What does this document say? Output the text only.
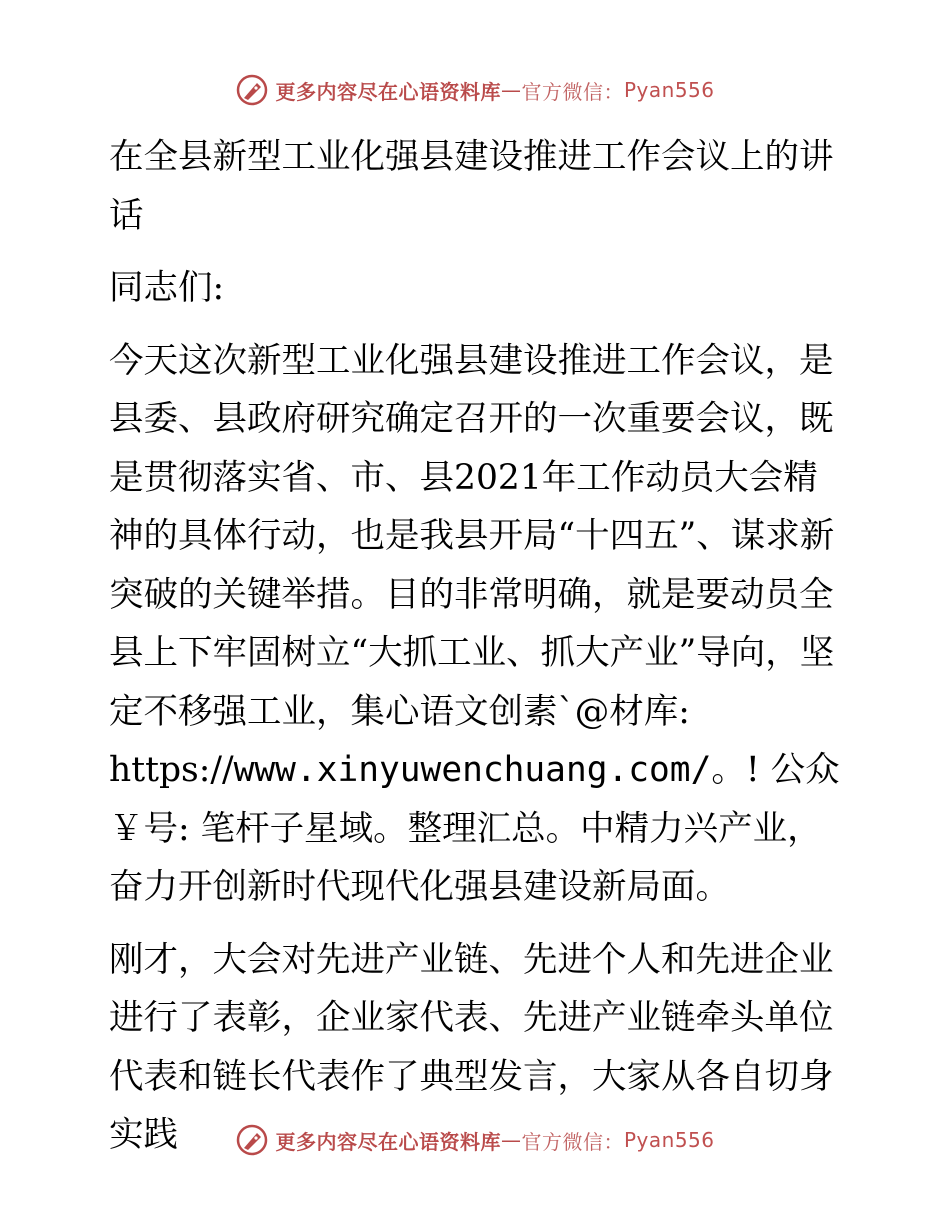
更多内容尽在心语资料库 — 官方微信： Pyan556

在全县新型工业化强县建设推进工作会议上的讲话

同志们:

今天这次新型工业化强县建设推进工作会议，是县委、县政府研究确定召开的一次重要会议，既是贯彻落实省、市、县2021年工作动员大会精神的具体行动，也是我县开局“十四五”、谋求新突破的关键举措。目的非常明确，就是要动员全县上下牢固树立“大抓工业、抓大产业”导向，坚定不移强工业，集心语文创素`@材库: https://www.xinyuwenchuang.com/。! 公众￥号: 笔杆子星域。整理汇总。中精力兴产业，奋力开创新时代现代化强县建设新局面。

刚才，大会对先进产业链、先进个人和先进企业进行了表彰，企业家代表、先进产业链牵头单位代表和链长代表作了典型发言，大家从各自切身实践	更多内容尽在心语资料库 — 官方微信： Pyan556
